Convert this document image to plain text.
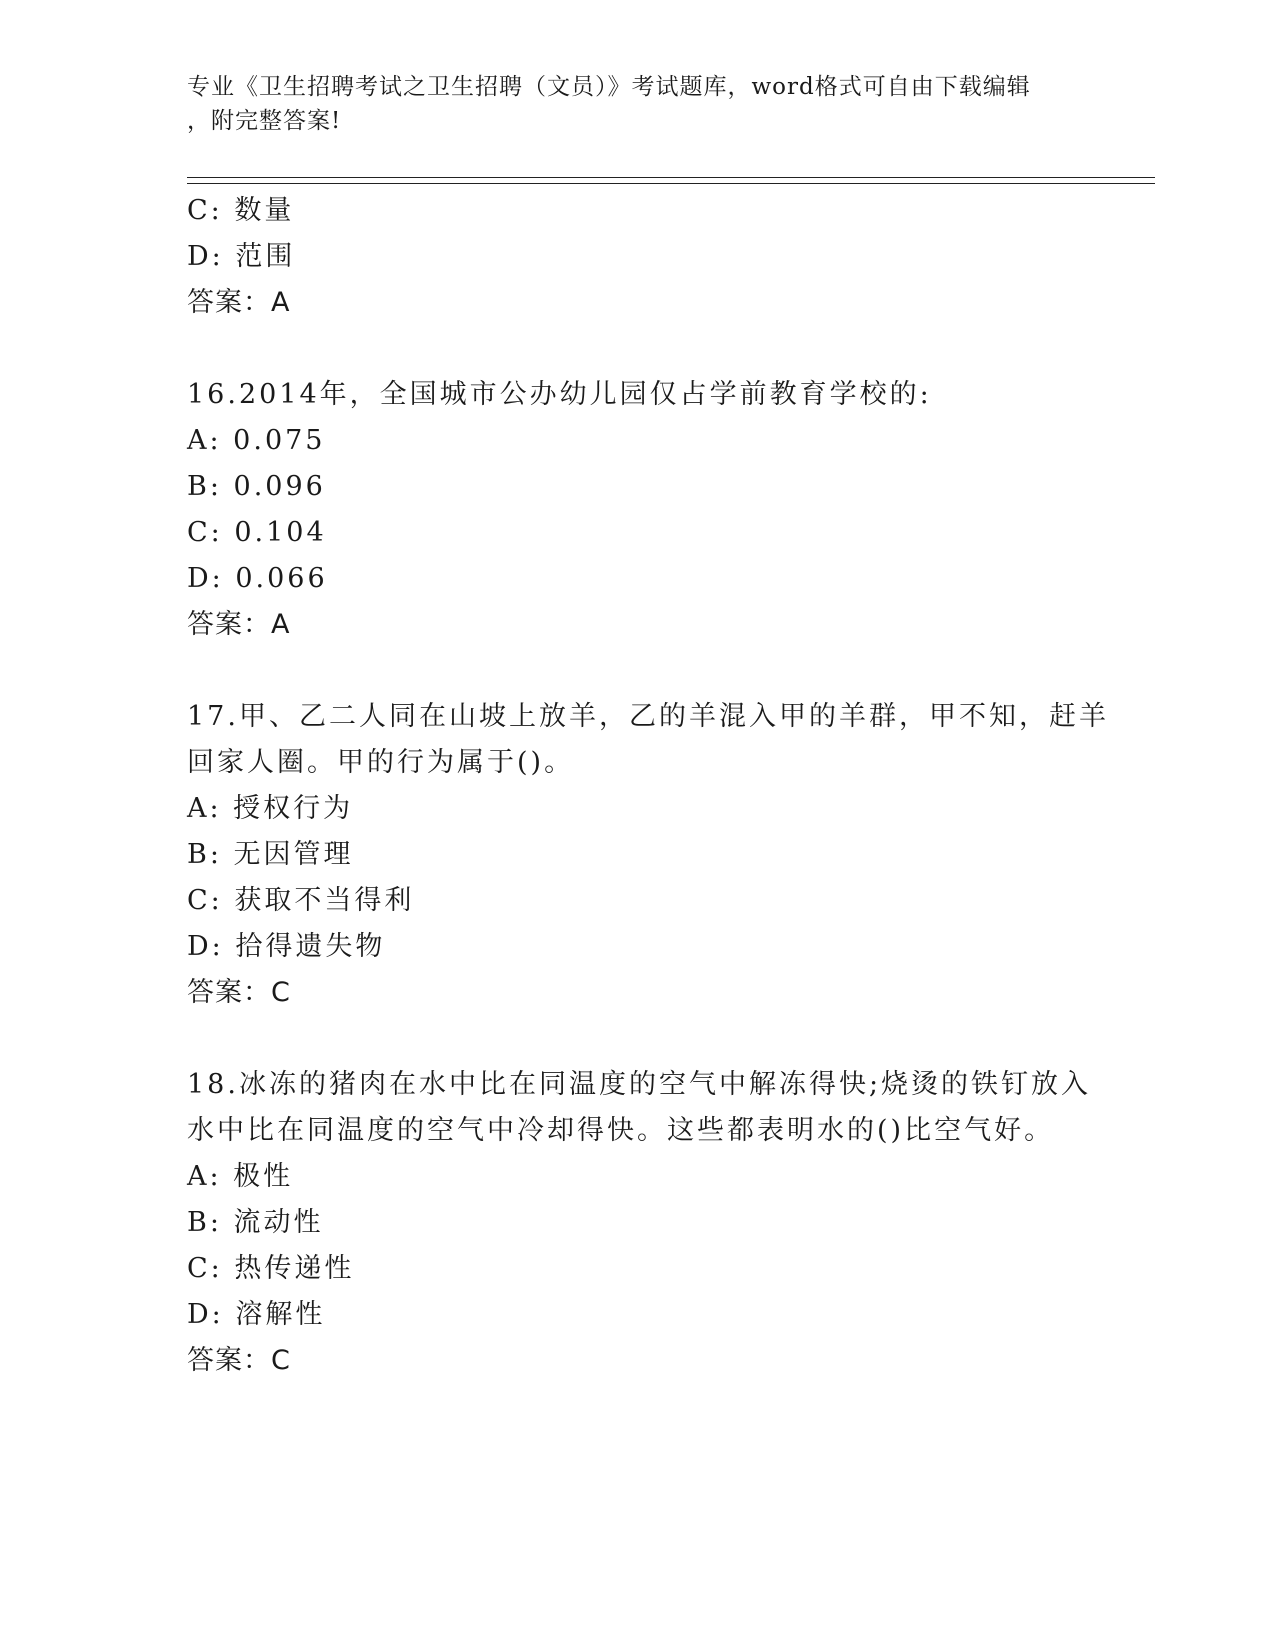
专业《卫生招聘考试之卫生招聘（文员）》考试题库，word格式可自由下载编辑
，附完整答案!
C: 数量
D: 范围
答案：A
16.2014年，全国城市公办幼儿园仅占学前教育学校的:
A: 0.075
B: 0.096
C: 0.104
D: 0.066
答案：A
17.甲、乙二人同在山坡上放羊，乙的羊混入甲的羊群，甲不知，赶羊
回家人圈。甲的行为属于()。
A: 授权行为
B: 无因管理
C: 获取不当得利
D: 拾得遗失物
答案：C
18.冰冻的猪肉在水中比在同温度的空气中解冻得快;烧烫的铁钉放入
水中比在同温度的空气中冷却得快。这些都表明水的()比空气好。
A: 极性
B: 流动性
C: 热传递性
D: 溶解性
答案：C
